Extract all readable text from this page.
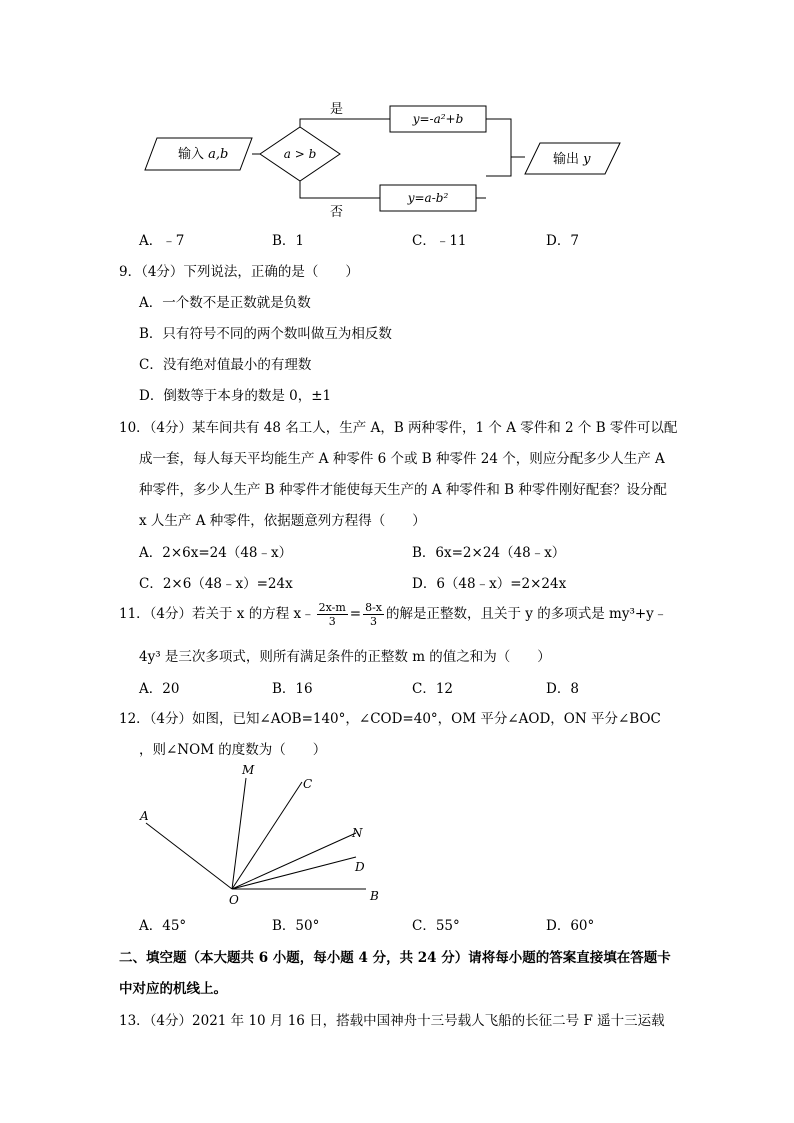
输入 a,b	a > b
是
否
y=-a²+b
y=a-b²
输出 y
A．﹣7	B．1	C．﹣11	D．7
9．（4分）下列说法，正确的是（　　）
A．一个数不是正数就是负数
B．只有符号不同的两个数叫做互为相反数
C．没有绝对值最小的有理数
D．倒数等于本身的数是 0，±1
10．（4分）某车间共有 48 名工人，生产 A，B 两种零件，1 个 A 零件和 2 个 B 零件可以配
成一套，每人每天平均能生产 A 种零件 6 个或 B 种零件 24 个，则应分配多少人生产 A
种零件，多少人生产 B 种零件才能使每天生产的 A 种零件和 B 种零件刚好配套？设分配
x 人生产 A 种零件，依据题意列方程得（　　）
A．2×6x=24（48﹣x）	B．6x=2×24（48﹣x）
C．2×6（48﹣x）=24x	D．6（48﹣x）=2×24x
11．（4分）若关于 x 的方程 x﹣ $\frac{2x-m}{3} = \frac{8-x}{3}$ 的解是正整数，且关于 y 的多项式是 my³+y﹣
4y³ 是三次多项式，则所有满足条件的正整数 m 的值之和为（　　）
A．20	B．16	C．12	D．8
12．（4分）如图，已知∠AOB=140°，∠COD=40°，OM 平分∠AOD，ON 平分∠BOC
，则∠NOM 的度数为（　　）
M
C
A
N
D
O	B
A．45°	B．50°	C．55°	D．60°
二、填空题（本大题共 6 小题，每小题 4 分，共 24 分）请将每小题的答案直接填在答题卡
中对应的机线上。
13．（4分）2021 年 10 月 16 日，搭载中国神舟十三号载人飞船的长征二号 F 遥十三运载
